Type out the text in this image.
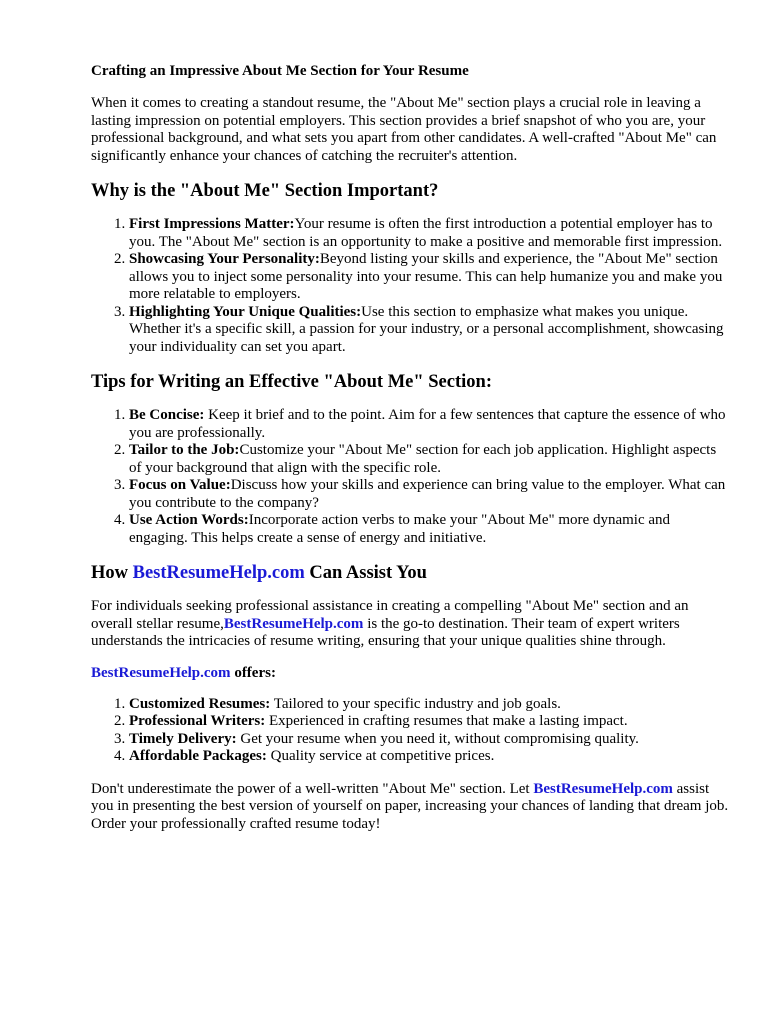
Crafting an Impressive About Me Section for Your Resume

When it comes to creating a standout resume, the "About Me" section plays a crucial role in leaving a lasting impression on potential employers. This section provides a brief snapshot of who you are, your professional background, and what sets you apart from other candidates. A well-crafted "About Me" can significantly enhance your chances of catching the recruiter's attention.

Why is the "About Me" Section Important?
1. First Impressions Matter:Your resume is often the first introduction a potential employer has to you. The "About Me" section is an opportunity to make a positive and memorable first impression.
2. Showcasing Your Personality:Beyond listing your skills and experience, the "About Me" section allows you to inject some personality into your resume. This can help humanize you and make you more relatable to employers.
3. Highlighting Your Unique Qualities:Use this section to emphasize what makes you unique. Whether it's a specific skill, a passion for your industry, or a personal accomplishment, showcasing your individuality can set you apart.
Tips for Writing an Effective "About Me" Section:
1. Be Concise: Keep it brief and to the point. Aim for a few sentences that capture the essence of who you are professionally.
2. Tailor to the Job:Customize your "About Me" section for each job application. Highlight aspects of your background that align with the specific role.
3. Focus on Value:Discuss how your skills and experience can bring value to the employer. What can you contribute to the company?
4. Use Action Words:Incorporate action verbs to make your "About Me" more dynamic and engaging. This helps create a sense of energy and initiative.
How BestResumeHelp.com Can Assist You

For individuals seeking professional assistance in creating a compelling "About Me" section and an overall stellar resume,BestResumeHelp.com is the go-to destination. Their team of expert writers understands the intricacies of resume writing, ensuring that your unique qualities shine through.

BestResumeHelp.com offers:
1. Customized Resumes: Tailored to your specific industry and job goals.
2. Professional Writers: Experienced in crafting resumes that make a lasting impact.
3. Timely Delivery: Get your resume when you need it, without compromising quality.
4. Affordable Packages: Quality service at competitive prices.

Don't underestimate the power of a well-written "About Me" section. Let BestResumeHelp.com assist you in presenting the best version of yourself on paper, increasing your chances of landing that dream job. Order your professionally crafted resume today!
